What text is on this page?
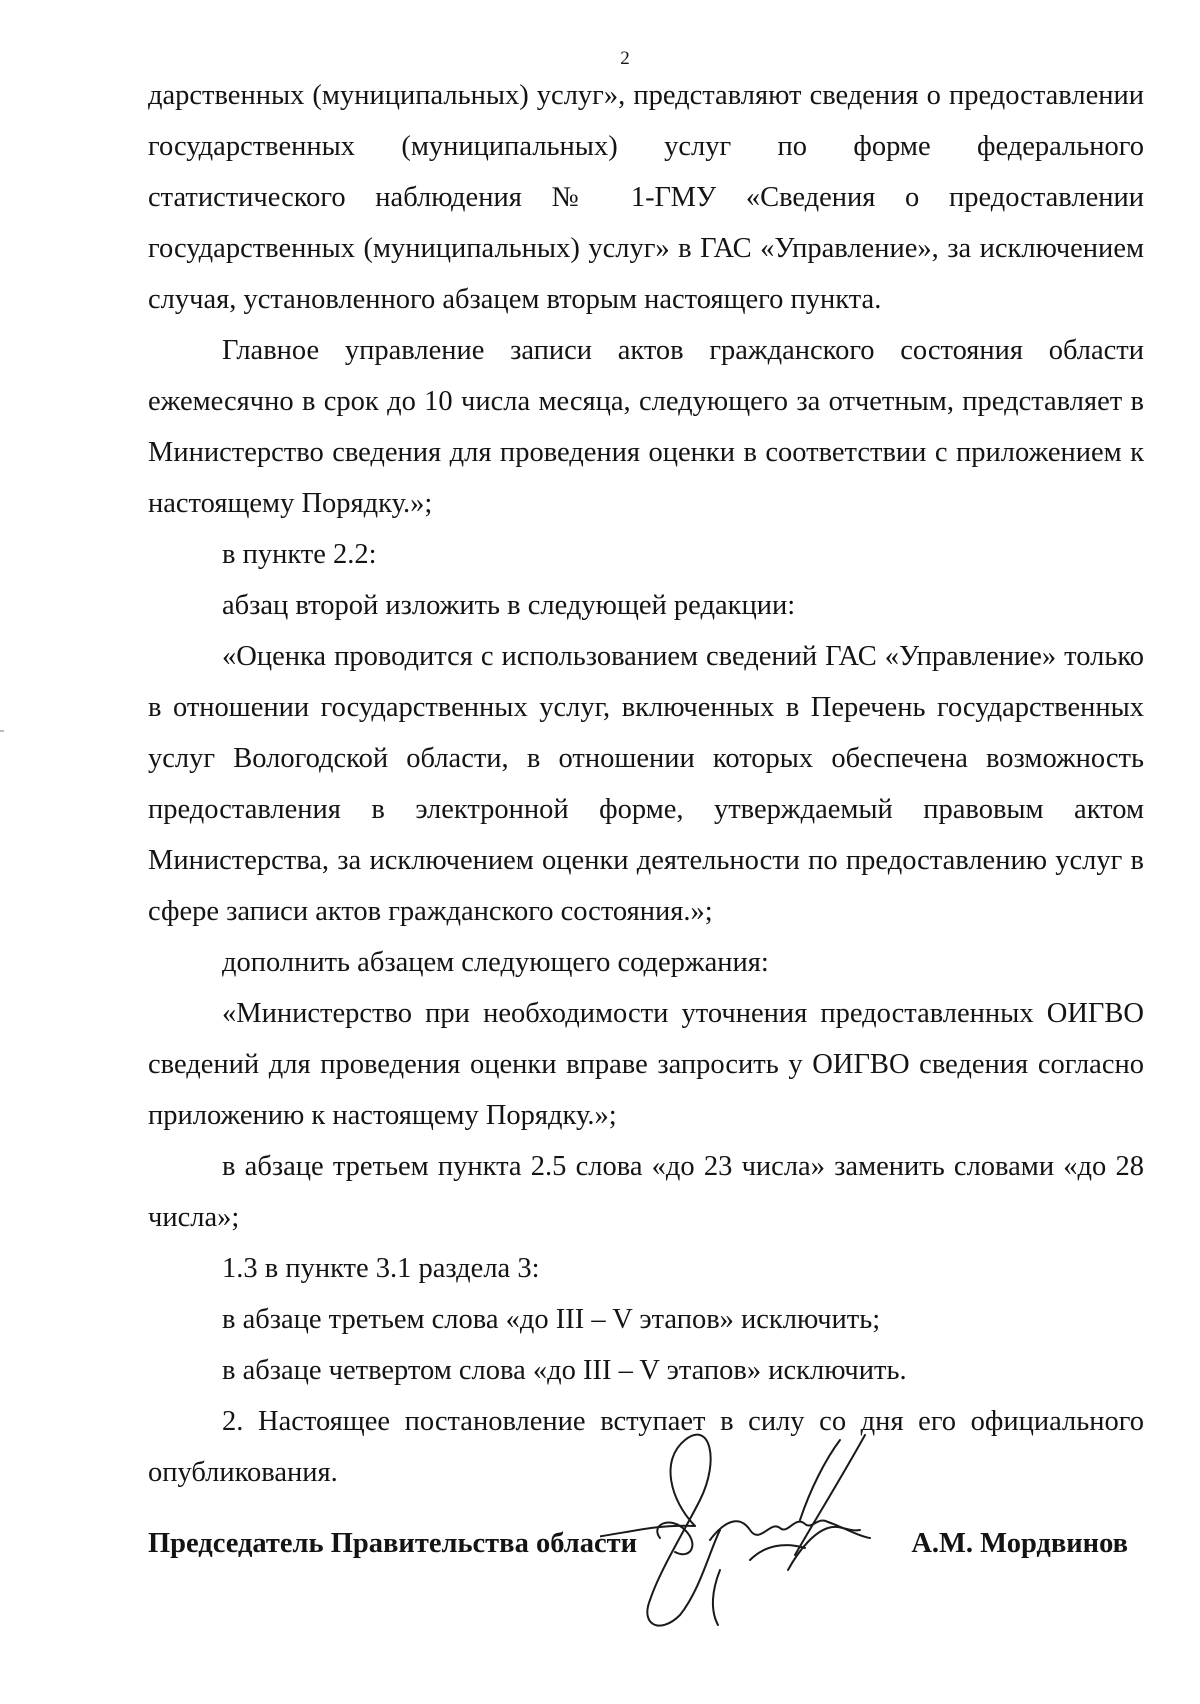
2

дарственных (муниципальных) услуг», представляют сведения о предоставлении государственных (муниципальных) услуг по форме федерального статистического наблюдения № 1-ГМУ «Сведения о предоставлении государственных (муниципальных) услуг» в ГАС «Управление», за исключением случая, установленного абзацем вторым настоящего пункта.

Главное управление записи актов гражданского состояния области ежемесячно в срок до 10 числа месяца, следующего за отчетным, представляет в Министерство сведения для проведения оценки в соответствии с приложением к настоящему Порядку.»;

в пункте 2.2:

абзац второй изложить в следующей редакции:

«Оценка проводится с использованием сведений ГАС «Управление» только в отношении государственных услуг, включенных в Перечень государственных услуг Вологодской области, в отношении которых обеспечена возможность предоставления в электронной форме, утверждаемый правовым актом Министерства, за исключением оценки деятельности по предоставлению услуг в сфере записи актов гражданского состояния.»;

дополнить абзацем следующего содержания:

«Министерство при необходимости уточнения предоставленных ОИГВО сведений для проведения оценки вправе запросить у ОИГВО сведения согласно приложению к настоящему Порядку.»;

в абзаце третьем пункта 2.5 слова «до 23 числа» заменить словами «до 28 числа»;

1.3 в пункте 3.1 раздела 3:

в абзаце третьем слова «до III – V этапов» исключить;

в абзаце четвертом слова «до III – V этапов» исключить.

2. Настоящее постановление вступает в силу со дня его официального опубликования.

Председатель Правительства области	А.М. Мордвинов
